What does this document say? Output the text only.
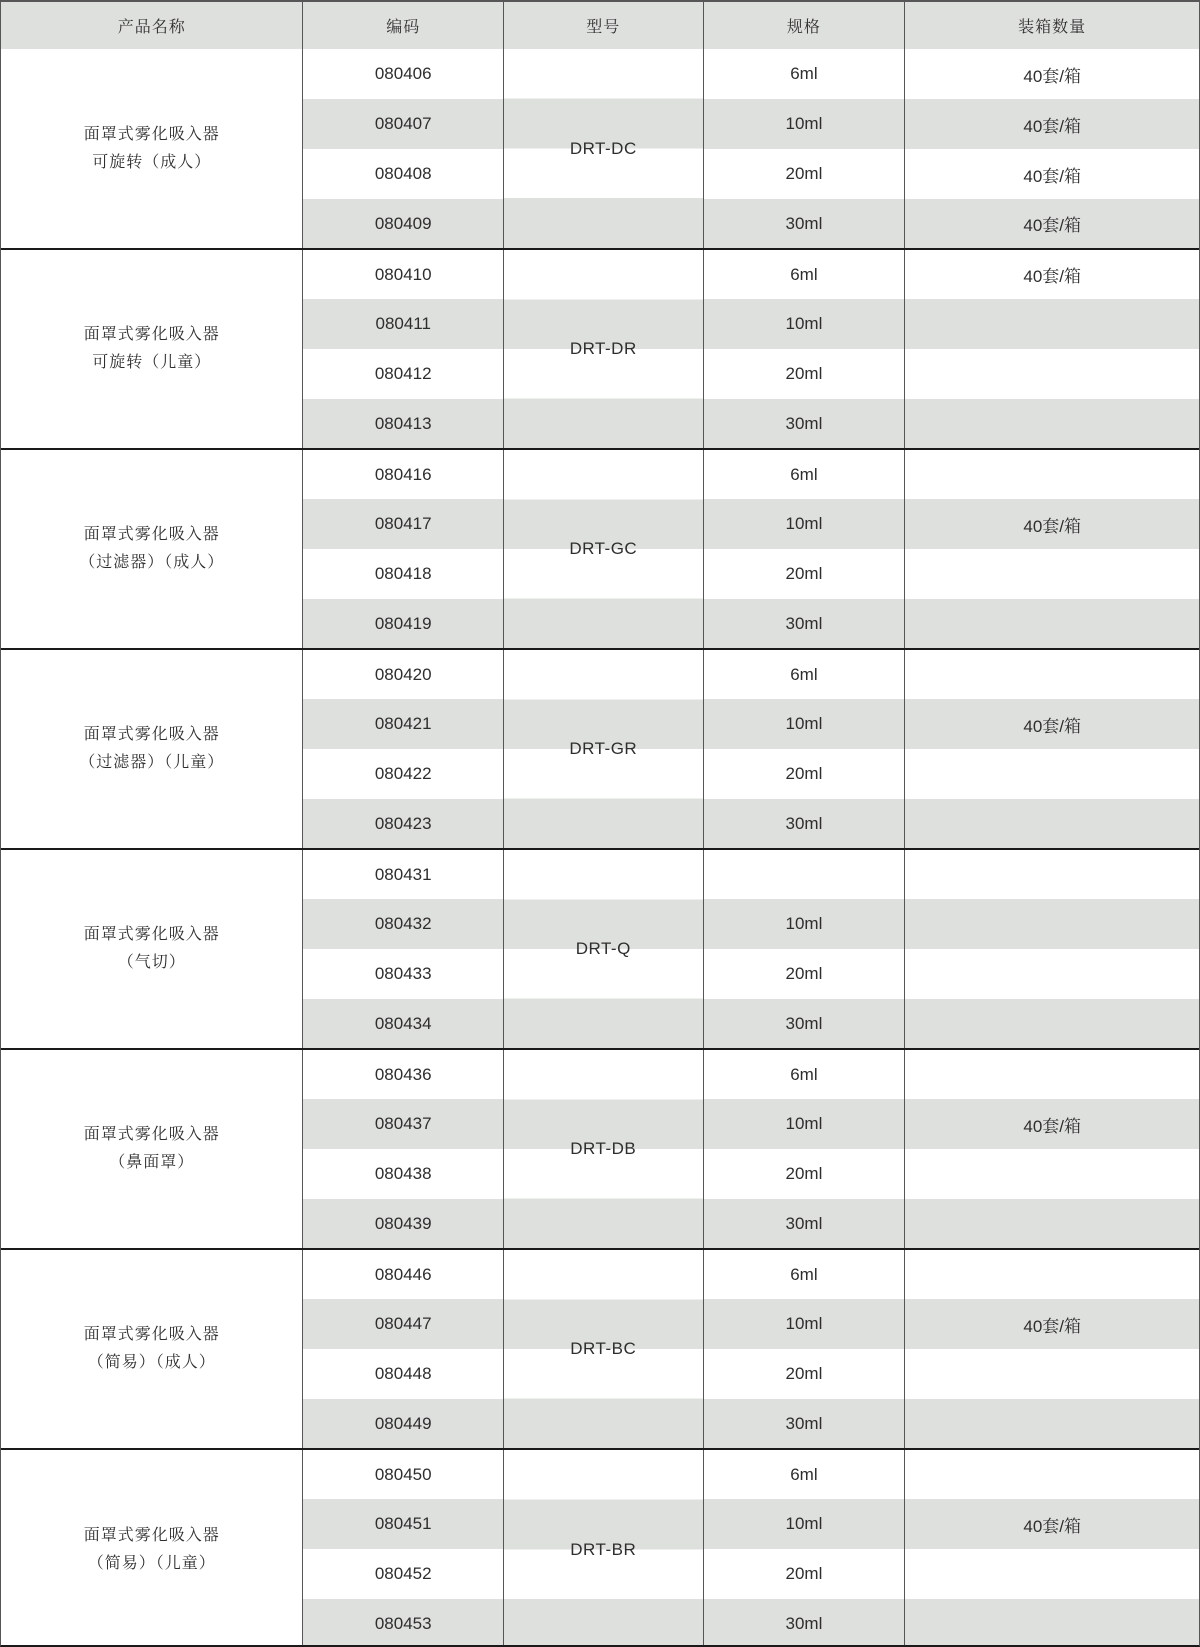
产品名称	编码	型号	规格	装箱数量

面罩式雾化吸入器
可旋转（成人）	080406	DRT-DC	6ml	40套/箱
	080407		10ml	40套/箱
	080408		20ml	40套/箱
	080409		30ml	40套/箱

面罩式雾化吸入器
可旋转（儿童）	080410	DRT-DR	6ml	40套/箱
	080411		10ml	
	080412		20ml	
	080413		30ml	

面罩式雾化吸入器
（过滤器）（成人）	080416	DRT-GC	6ml	
	080417		10ml	40套/箱
	080418		20ml	
	080419		30ml	

面罩式雾化吸入器
（过滤器）（儿童）	080420	DRT-GR	6ml	
	080421		10ml	40套/箱
	080422		20ml	
	080423		30ml	

面罩式雾化吸入器
（气切）	080431	DRT-Q		
	080432		10ml	
	080433		20ml	
	080434		30ml	

面罩式雾化吸入器
（鼻面罩）	080436	DRT-DB	6ml	
	080437		10ml	40套/箱
	080438		20ml	
	080439		30ml	

面罩式雾化吸入器
（简易）（成人）	080446	DRT-BC	6ml	
	080447		10ml	40套/箱
	080448		20ml	
	080449		30ml	

面罩式雾化吸入器
（简易）（儿童）	080450	DRT-BR	6ml	
	080451		10ml	40套/箱
	080452		20ml	
	080453		30ml	
